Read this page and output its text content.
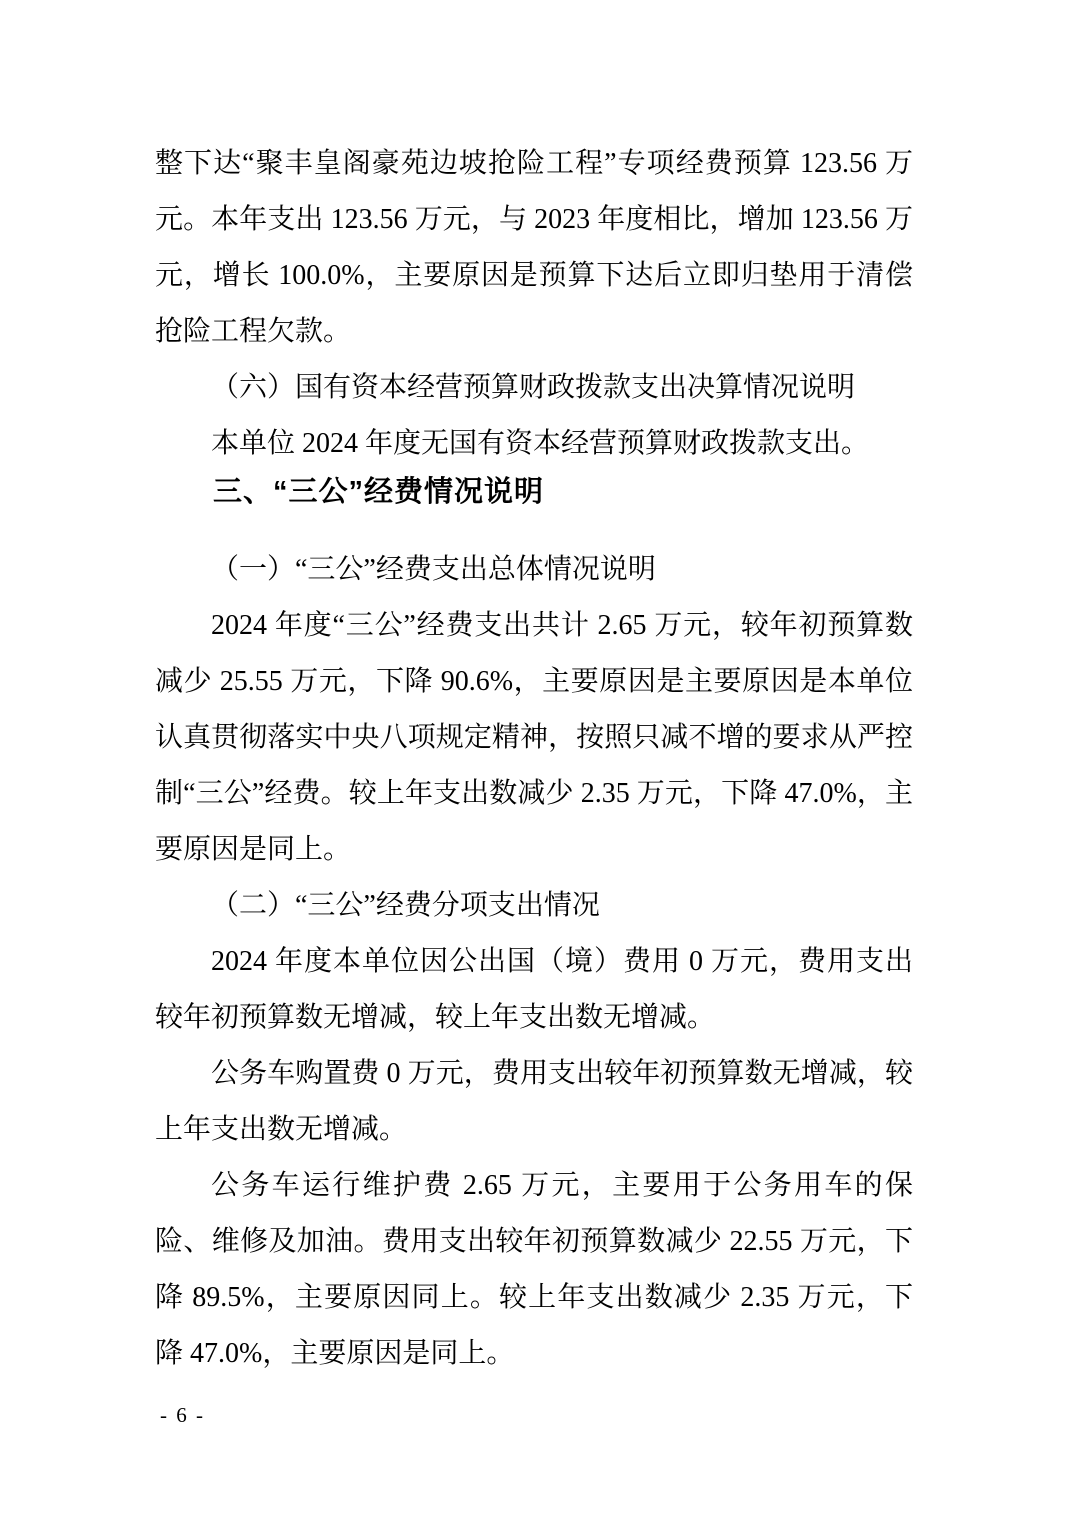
整下达“聚丰皇阁豪苑边坡抢险工程”专项经费预算 123.56 万元。本年支出 123.56 万元，与 2023 年度相比，增加 123.56 万元，增长 100.0%，主要原因是预算下达后立即归垫用于清偿抢险工程欠款。

（六）国有资本经营预算财政拨款支出决算情况说明

本单位 2024 年度无国有资本经营预算财政拨款支出。

三、“三公”经费情况说明

（一）“三公”经费支出总体情况说明

2024 年度“三公”经费支出共计 2.65 万元，较年初预算数减少 25.55 万元，下降 90.6%，主要原因是主要原因是本单位认真贯彻落实中央八项规定精神，按照只减不增的要求从严控制“三公”经费。较上年支出数减少 2.35 万元，下降 47.0%，主要原因是同上。

（二）“三公”经费分项支出情况

2024 年度本单位因公出国（境）费用 0 万元，费用支出较年初预算数无增减，较上年支出数无增减。

公务车购置费 0 万元，费用支出较年初预算数无增减，较上年支出数无增减。

公务车运行维护费 2.65 万元，主要用于公务用车的保险、维修及加油。费用支出较年初预算数减少 22.55 万元，下降 89.5%，主要原因同上。较上年支出数减少 2.35 万元，下降 47.0%，主要原因是同上。

- 6 -
